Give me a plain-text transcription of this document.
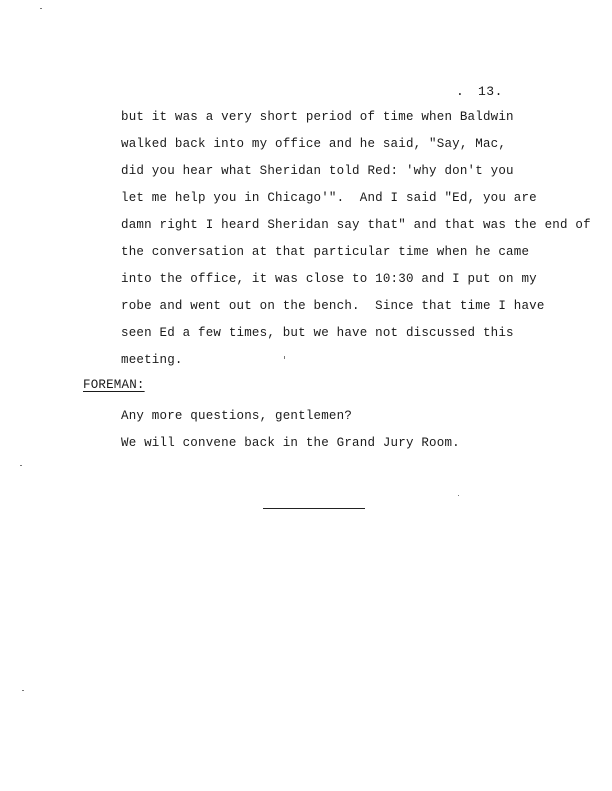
. 13.
but it was a very short period of time when Baldwin
walked back into my office and he said, "Say, Mac,
did you hear what Sheridan told Red: 'why don't you
let me help you in Chicago'".  And I said "Ed, you are
damn right I heard Sheridan say that" and that was the end of
the conversation at that particular time when he came
into the office, it was close to 10:30 and I put on my
robe and went out on the bench.  Since that time I have
seen Ed a few times, but we have not discussed this
meeting.
FOREMAN:
Any more questions, gentlemen?
We will convene back in the Grand Jury Room.
